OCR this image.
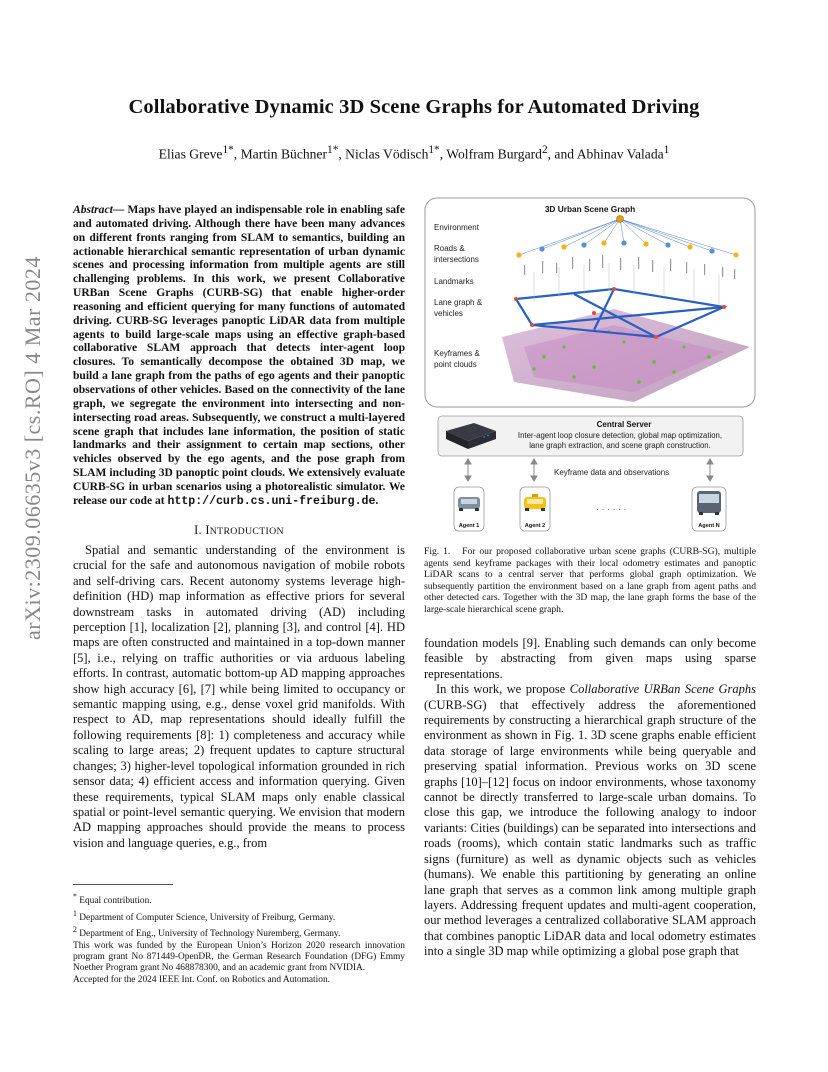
Collaborative Dynamic 3D Scene Graphs for Automated Driving
Elias Greve$^{1*}$, Martin Büchner$^{1*}$, Niclas Vödisch$^{1*}$, Wolfram Burgard$^2$, and Abhinav Valada$^1$
arXiv:2309.06635v3 [cs.RO] 4 Mar 2024
Abstract— Maps have played an indispensable role in enabling safe and automated driving. Although there have been many advances on different fronts ranging from SLAM to semantics, building an actionable hierarchical semantic representation of urban dynamic scenes and processing information from multiple agents are still challenging problems. In this work, we present Collaborative URBan Scene Graphs (CURB-SG) that enable higher-order reasoning and efficient querying for many functions of automated driving. CURB-SG leverages panoptic LiDAR data from multiple agents to build large-scale maps using an effective graph-based collaborative SLAM approach that detects inter-agent loop closures. To semantically decompose the obtained 3D map, we build a lane graph from the paths of ego agents and their panoptic observations of other vehicles. Based on the connectivity of the lane graph, we segregate the environment into intersecting and non-intersecting road areas. Subsequently, we construct a multi-layered scene graph that includes lane information, the position of static landmarks and their assignment to certain map sections, other vehicles observed by the ego agents, and the pose graph from SLAM including 3D panoptic point clouds. We extensively evaluate CURB-SG in urban scenarios using a photorealistic simulator. We release our code at http://curb.cs.uni-freiburg.de.
I. INTRODUCTION

Spatial and semantic understanding of the environment is crucial for the safe and autonomous navigation of mobile robots and self-driving cars. Recent autonomy systems leverage high-definition (HD) map information as effective priors for several downstream tasks in automated driving (AD) including perception [1], localization [2], planning [3], and control [4]. HD maps are often constructed and maintained in a top-down manner [5], i.e., relying on traffic authorities or via arduous labeling efforts. In contrast, automatic bottom-up AD mapping approaches show high accuracy [6], [7] while being limited to occupancy or semantic mapping using, e.g., dense voxel grid manifolds. With respect to AD, map representations should ideally fulfill the following requirements [8]: 1) completeness and accuracy while scaling to large areas; 2) frequent updates to capture structural changes; 3) higher-level topological information grounded in rich sensor data; 4) efficient access and information querying. Given these requirements, typical SLAM maps only enable classical spatial or point-level semantic querying. We envision that modern AD mapping approaches should provide the means to process vision and language queries, e.g., from

* Equal contribution.
$^1$ Department of Computer Science, University of Freiburg, Germany.
$^2$ Department of Eng., University of Technology Nuremberg, Germany.
This work was funded by the European Union’s Horizon 2020 research innovation program grant No 871449-OpenDR, the German Research Foundation (DFG) Emmy Noether Program grant No 468878300, and an academic grant from NVIDIA.
Accepted for the 2024 IEEE Int. Conf. on Robotics and Automation.
3D Urban Scene Graph
Environment
Roads &
intersections
Landmarks
Lane graph &
vehicles
Keyframes &
point clouds
Central Server
Inter-agent loop closure detection, global map optimization,
lane graph extraction, and scene graph construction.
Keyframe data and observations
Agent 1	Agent 2
· · · · · ·
Agent N
Fig. 1. For our proposed collaborative urban scene graphs (CURB-SG), multiple agents send keyframe packages with their local odometry estimates and panoptic LiDAR scans to a central server that performs global graph optimization. We subsequently partition the environment based on a lane graph from agent paths and other detected cars. Together with the 3D map, the lane graph forms the base of the large-scale hierarchical scene graph.

foundation models [9]. Enabling such demands can only become feasible by abstracting from given maps using sparse representations.

In this work, we propose Collaborative URBan Scene Graphs (CURB-SG) that effectively address the aforementioned requirements by constructing a hierarchical graph structure of the environment as shown in Fig. 1. 3D scene graphs enable efficient data storage of large environments while being queryable and preserving spatial information. Previous works on 3D scene graphs [10]–[12] focus on indoor environments, whose taxonomy cannot be directly transferred to large-scale urban domains. To close this gap, we introduce the following analogy to indoor variants: Cities (buildings) can be separated into intersections and roads (rooms), which contain static landmarks such as traffic signs (furniture) as well as dynamic objects such as vehicles (humans). We enable this partitioning by generating an online lane graph that serves as a common link among multiple graph layers. Addressing frequent updates and multi-agent cooperation, our method leverages a centralized collaborative SLAM approach that combines panoptic LiDAR data and local odometry estimates into a single 3D map while optimizing a global pose graph that
